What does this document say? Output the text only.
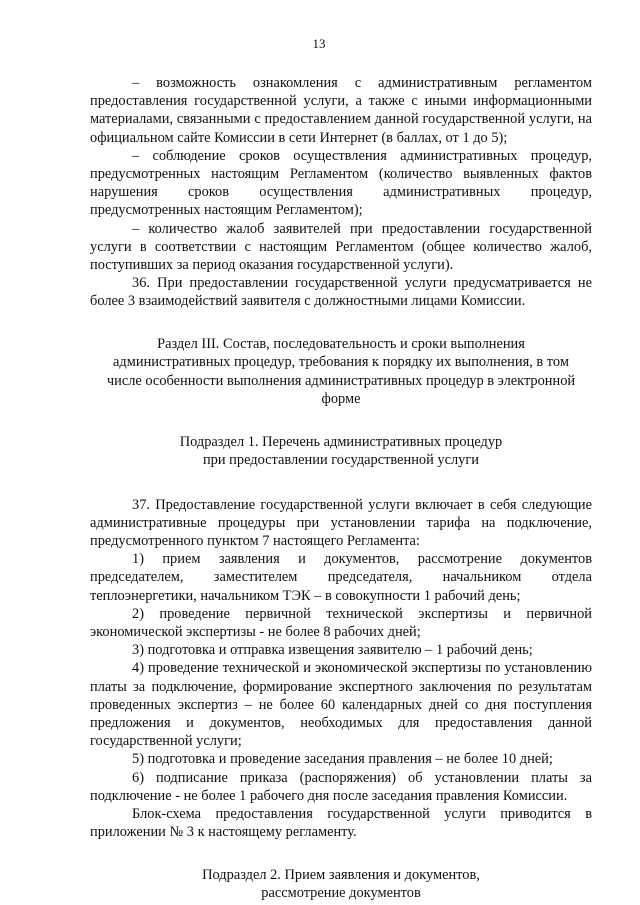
13

– возможность ознакомления с административным регламентом предоставления государственной услуги, а также с иными информационными материалами, связанными с предоставлением данной государственной услуги, на официальном сайте Комиссии в сети Интернет (в баллах, от 1 до 5);

– соблюдение сроков осуществления административных процедур, предусмотренных настоящим Регламентом (количество выявленных фактов нарушения сроков осуществления административных процедур, предусмотренных настоящим Регламентом);

– количество жалоб заявителей при предоставлении государственной услуги в соответствии с настоящим Регламентом (общее количество жалоб, поступивших за период оказания государственной услуги).

36. При предоставлении государственной услуги предусматривается не более 3 взаимодействий заявителя с должностными лицами Комиссии.

Раздел III. Состав, последовательность и сроки выполнения
административных процедур, требования к порядку их выполнения, в том
числе особенности выполнения административных процедур в электронной
форме
Подраздел 1. Перечень административных процедур
при предоставлении государственной услуги

37. Предоставление государственной услуги включает в себя следующие административные процедуры при установлении тарифа на подключение, предусмотренного пунктом 7 настоящего Регламента:

1) прием заявления и документов, рассмотрение документов председателем, заместителем председателя, начальником отдела теплоэнергетики, начальником ТЭК – в совокупности 1 рабочий день;

2) проведение первичной технической экспертизы и первичной экономической экспертизы - не более 8 рабочих дней;

3) подготовка и отправка извещения заявителю – 1 рабочий день;

4) проведение технической и экономической экспертизы по установлению платы за подключение, формирование экспертного заключения по результатам проведенных экспертиз – не более 60 календарных дней со дня поступления предложения и документов, необходимых для предоставления данной государственной услуги;

5) подготовка и проведение заседания правления – не более 10 дней;

6) подписание приказа (распоряжения) об установлении платы за подключение - не более 1 рабочего дня после заседания правления Комиссии.

Блок-схема предоставления государственной услуги приводится в приложении № 3 к настоящему регламенту.

Подраздел 2. Прием заявления и документов,
рассмотрение документов
